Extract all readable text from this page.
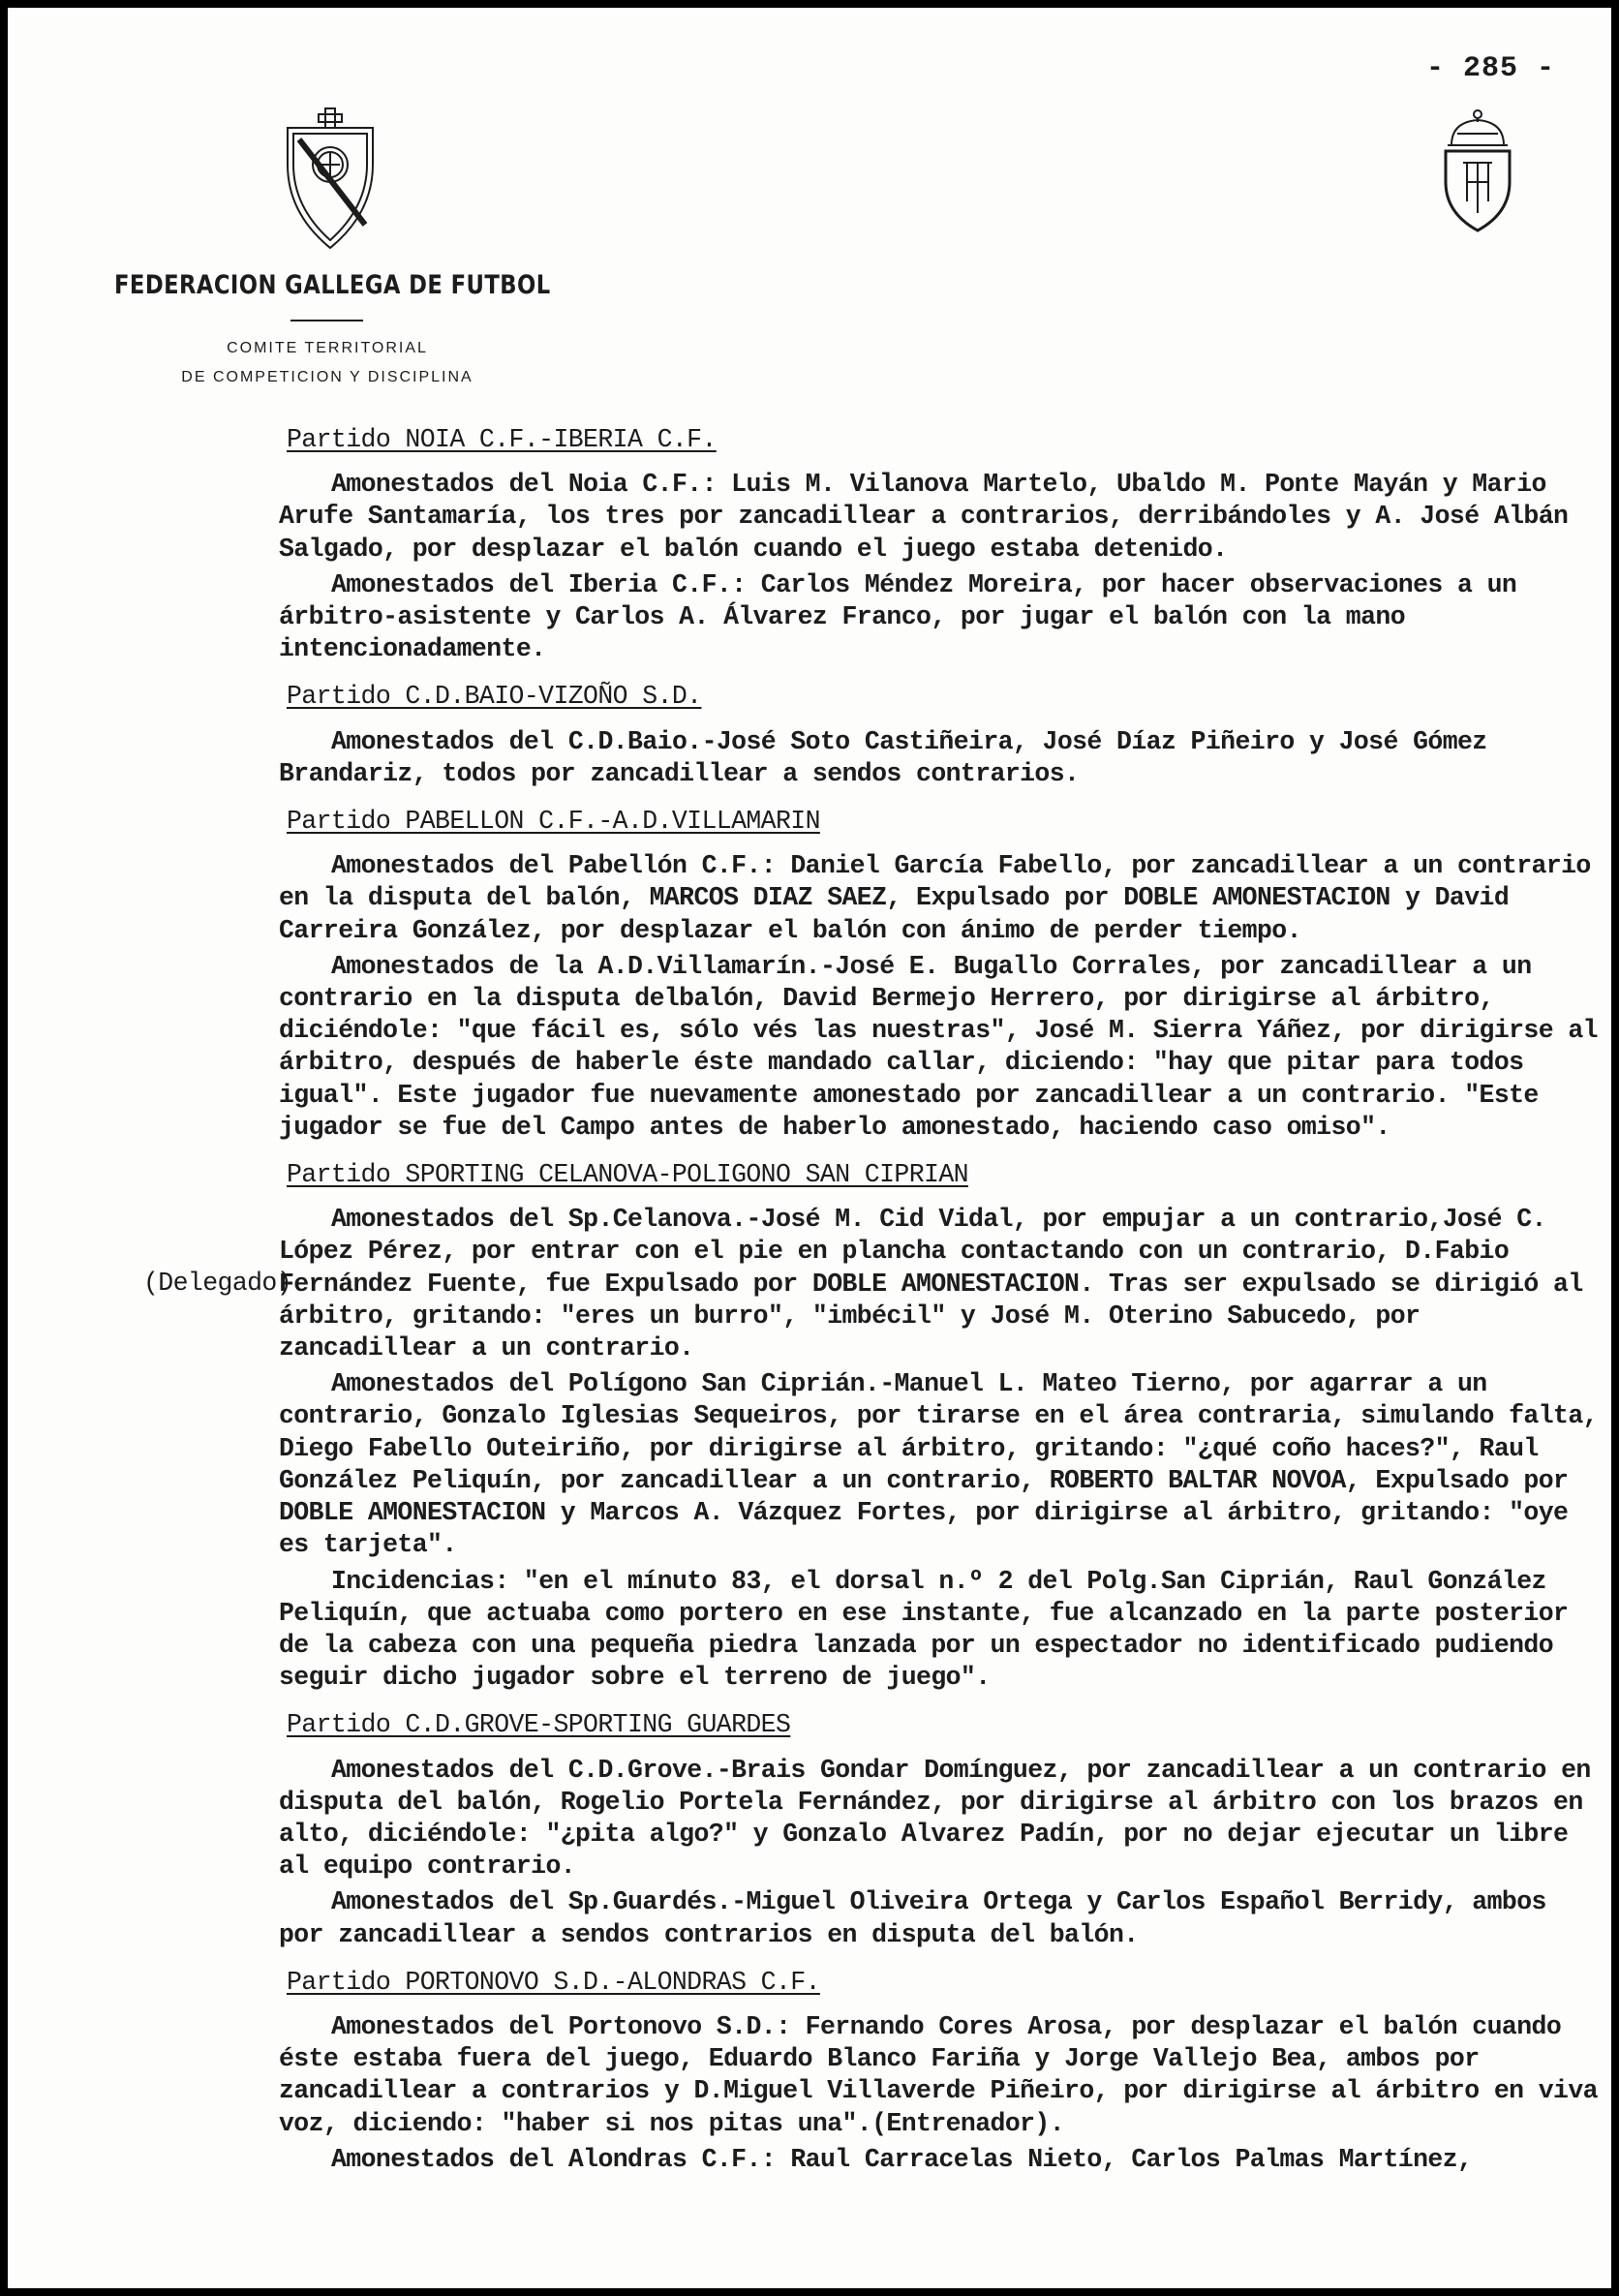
- 285 -
FEDERACION GALLEGA DE FUTBOL
COMITE TERRITORIAL
DE COMPETICION Y DISCIPLINA
Partido NOIA C.F.-IBERIA C.F.

Amonestados del Noia C.F.: Luis M. Vilanova Martelo, Ubaldo M. Ponte Mayán y Mario Arufe Santamaría, los tres por zancadillear a contrarios, derribándoles y A. José Albán Salgado, por desplazar el balón cuando el juego estaba detenido.

Amonestados del Iberia C.F.: Carlos Méndez Moreira, por hacer observaciones a un árbitro-asistente y Carlos A. Álvarez Franco, por jugar el balón con la mano intencionadamente.

Partido C.D.BAIO-VIZOÑO S.D.

Amonestados del C.D.Baio.-José Soto Castiñeira, José Díaz Piñeiro y José Gómez Brandariz, todos por zancadillear a sendos contrarios.

Partido PABELLON C.F.-A.D.VILLAMARIN

Amonestados del Pabellón C.F.: Daniel García Fabello, por zancadillear a un contrario en la disputa del balón, MARCOS DIAZ SAEZ, Expulsado por DOBLE AMONESTACION y David Carreira González, por desplazar el balón con ánimo de perder tiempo.

Amonestados de la A.D.Villamarín.-José E. Bugallo Corrales, por zancadillear a un contrario en la disputa delbalón, David Bermejo Herrero, por dirigirse al árbitro, diciéndole: "que fácil es, sólo vés las nuestras", José M. Sierra Yáñez, por dirigirse al árbitro, después de haberle éste mandado callar, diciendo: "hay que pitar para todos igual". Este jugador fue nuevamente amonestado por zancadillear a un contrario. "Este jugador se fue del Campo antes de haberlo amonestado, haciendo caso omiso".

Partido SPORTING CELANOVA-POLIGONO SAN CIPRIAN
(Delegado)

Amonestados del Sp.Celanova.-José M. Cid Vidal, por empujar a un contrario,José C. López Pérez, por entrar con el pie en plancha contactando con un contrario, D.Fabio Fernández Fuente, fue Expulsado por DOBLE AMONESTACION. Tras ser expulsado se dirigió al árbitro, gritando: "eres un burro", "imbécil" y José M. Oterino Sabucedo, por zancadillear a un contrario.

Amonestados del Polígono San Ciprián.-Manuel L. Mateo Tierno, por agarrar a un contrario, Gonzalo Iglesias Sequeiros, por tirarse en el área contraria, simulando falta, Diego Fabello Outeiriño, por dirigirse al árbitro, gritando: "¿qué coño haces?", Raul González Peliquín, por zancadillear a un contrario, ROBERTO BALTAR NOVOA, Expulsado por DOBLE AMONESTACION y Marcos A. Vázquez Fortes, por dirigirse al árbitro, gritando: "oye es tarjeta".

Incidencias: "en el mínuto 83, el dorsal n.º 2 del Polg.San Ciprián, Raul González Peliquín, que actuaba como portero en ese instante, fue alcanzado en la parte posterior de la cabeza con una pequeña piedra lanzada por un espectador no identificado pudiendo seguir dicho jugador sobre el terreno de juego".

Partido C.D.GROVE-SPORTING GUARDES

Amonestados del C.D.Grove.-Brais Gondar Domínguez, por zancadillear a un contrario en disputa del balón, Rogelio Portela Fernández, por dirigirse al árbitro con los brazos en alto, diciéndole: "¿pita algo?" y Gonzalo Alvarez Padín, por no dejar ejecutar un libre al equipo contrario.

Amonestados del Sp.Guardés.-Miguel Oliveira Ortega y Carlos Español Berridy, ambos por zancadillear a sendos contrarios en disputa del balón.

Partido PORTONOVO S.D.-ALONDRAS C.F.

Amonestados del Portonovo S.D.: Fernando Cores Arosa, por desplazar el balón cuando éste estaba fuera del juego, Eduardo Blanco Fariña y Jorge Vallejo Bea, ambos por zancadillear a contrarios y D.Miguel Villaverde Piñeiro, por dirigirse al árbitro en viva voz, diciendo: "haber si nos pitas una".(Entrenador).

Amonestados del Alondras C.F.: Raul Carracelas Nieto, Carlos Palmas Martínez,
